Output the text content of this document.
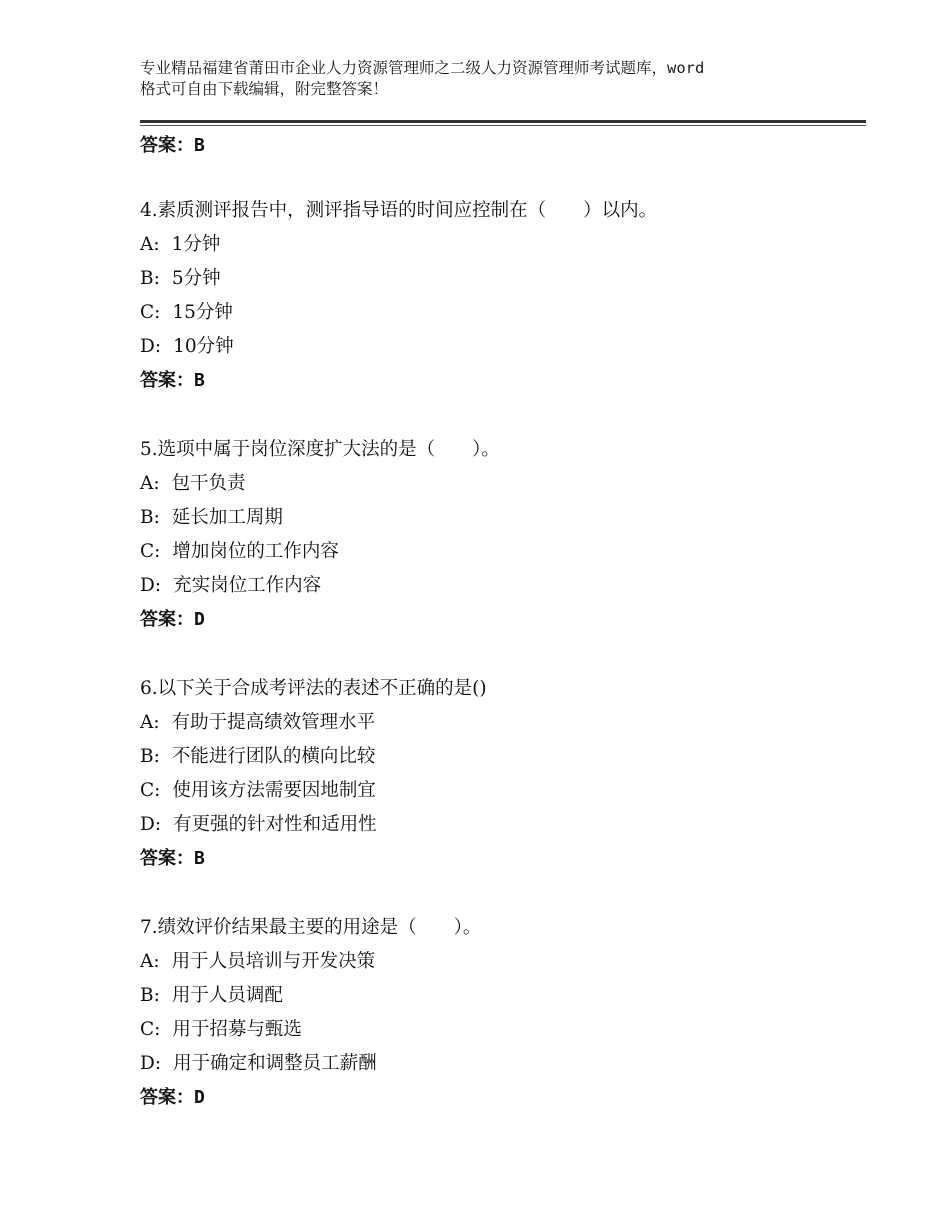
专业精品福建省莆田市企业人力资源管理师之二级人力资源管理师考试题库，word
格式可自由下载编辑，附完整答案！
答案：B
4.素质测评报告中，测评指导语的时间应控制在（　　）以内。
A: 1分钟
B: 5分钟
C: 15分钟
D: 10分钟
答案：B
5.选项中属于岗位深度扩大法的是（　　）。
A: 包干负责
B: 延长加工周期
C: 增加岗位的工作内容
D: 充实岗位工作内容
答案：D
6.以下关于合成考评法的表述不正确的是()
A: 有助于提高绩效管理水平
B: 不能进行团队的横向比较
C: 使用该方法需要因地制宜
D: 有更强的针对性和适用性
答案：B
7.绩效评价结果最主要的用途是（　　）。
A: 用于人员培训与开发决策
B: 用于人员调配
C: 用于招募与甄选
D: 用于确定和调整员工薪酬
答案：D
